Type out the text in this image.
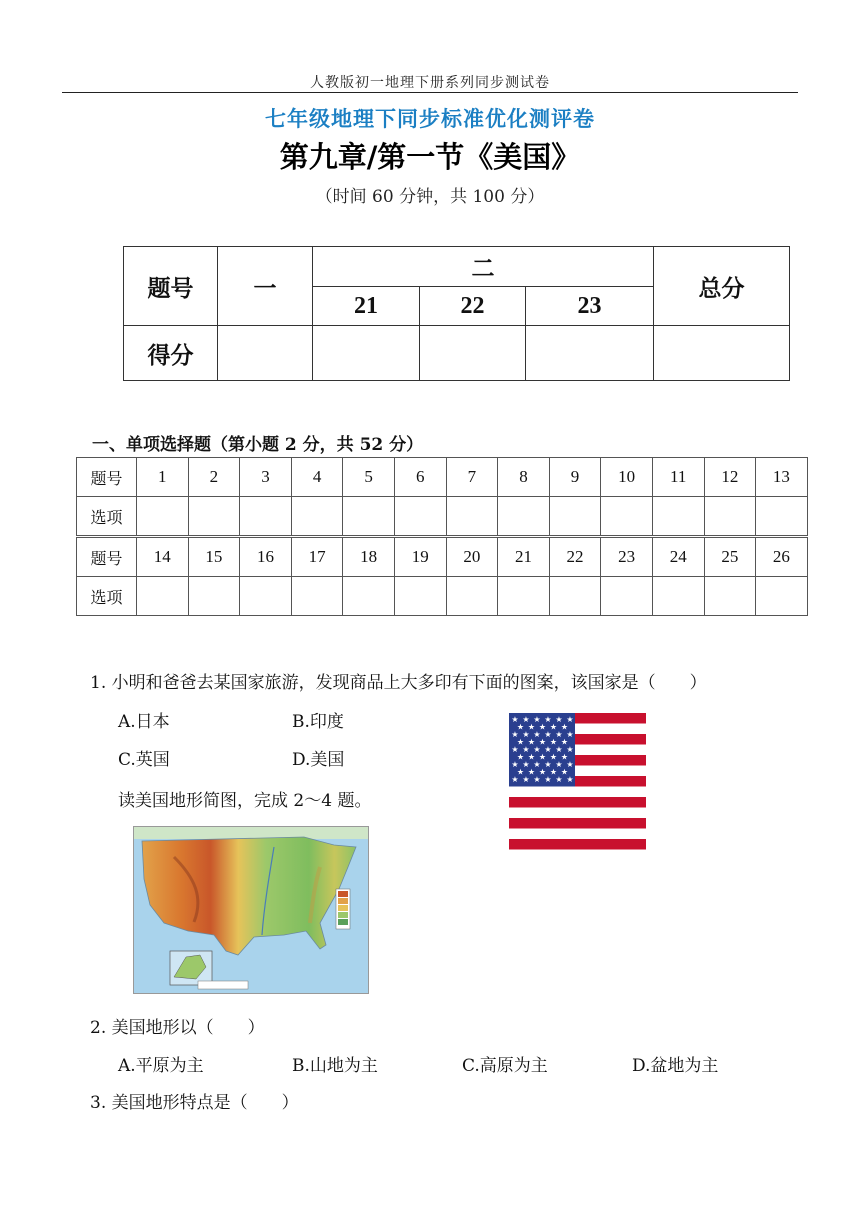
人教版初一地理下册系列同步测试卷
七年级地理下同步标准优化测评卷
第九章/第一节《美国》
（时间 60 分钟，共 100 分）
题号	一	二			总分
		21	22	23	
得分					
一、单项选择题（第小题 2 分，共 52 分）
题号	1	2	3	4	5	6	7	8	9	10	11	12	13
选项													
题号	14	15	16	17	18	19	20	21	22	23	24	25	26
选项													
1. 小明和爸爸去某国家旅游，发现商品上大多印有下面的图案，该国家是（　　）
A.日本	B.印度
C.英国	D.美国
读美国地形简图，完成 2～4 题。
★ ★ ★ ★ ★ ★
★ ★ ★ ★ ★
★ ★ ★ ★ ★ ★
★ ★ ★ ★ ★
★ ★ ★ ★ ★ ★
★ ★ ★ ★ ★
★ ★ ★ ★ ★ ★
★ ★ ★ ★ ★
★ ★ ★ ★ ★ ★
2. 美国地形以（　　）
A.平原为主	B.山地为主	C.高原为主	D.盆地为主
3. 美国地形特点是（　　）
